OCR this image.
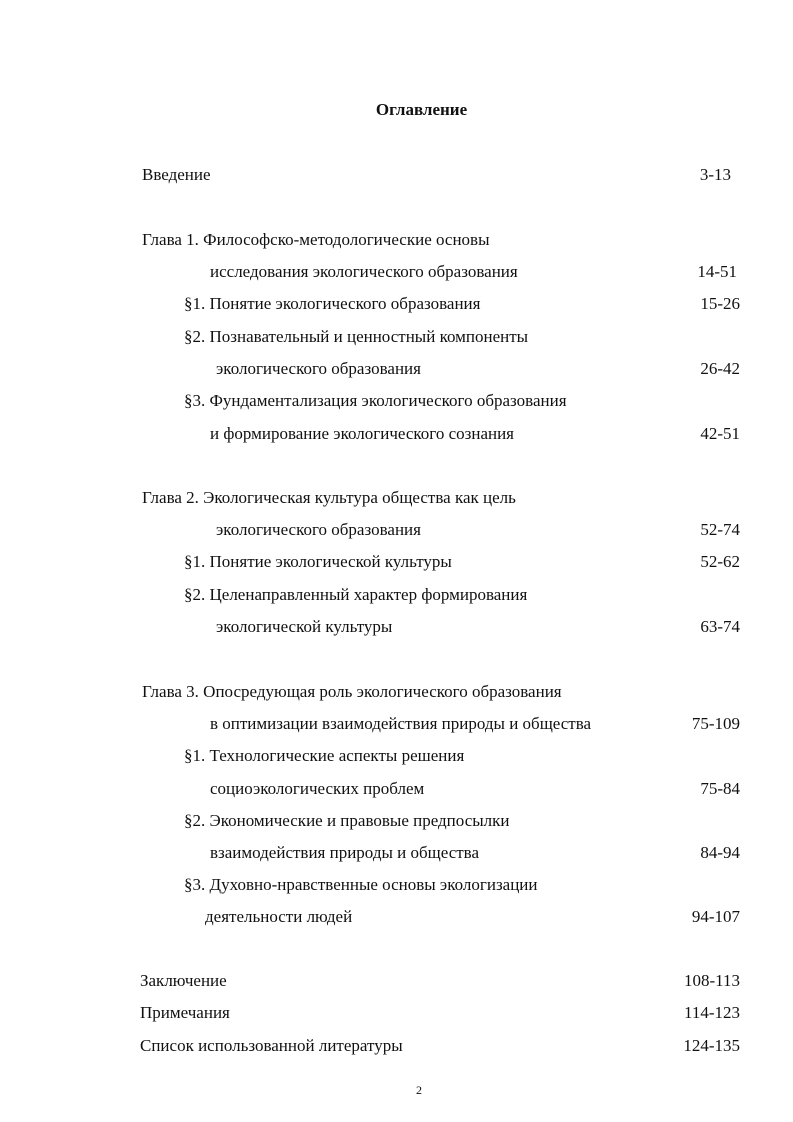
Оглавление
Введение	3-13
Глава 1. Философско-методологические основы
исследования экологического образования	14-51
§1. Понятие экологического образования	15-26
§2. Познавательный и ценностный компоненты
экологического образования	26-42
§3. Фундаментализация экологического образования
и формирование экологического сознания	42-51
Глава 2. Экологическая культура общества как цель
экологического образования	52-74
§1. Понятие экологической культуры	52-62
§2. Целенаправленный характер формирования
экологической культуры	63-74
Глава 3. Опосредующая роль экологического образования
в оптимизации взаимодействия природы и общества	75-109
§1. Технологические аспекты решения
социоэкологических проблем	75-84
§2. Экономические и правовые предпосылки
взаимодействия природы и общества	84-94
§3. Духовно-нравственные основы экологизации
деятельности людей	94-107
Заключение	108-113
Примечания	114-123
Список использованной литературы	124-135
2
